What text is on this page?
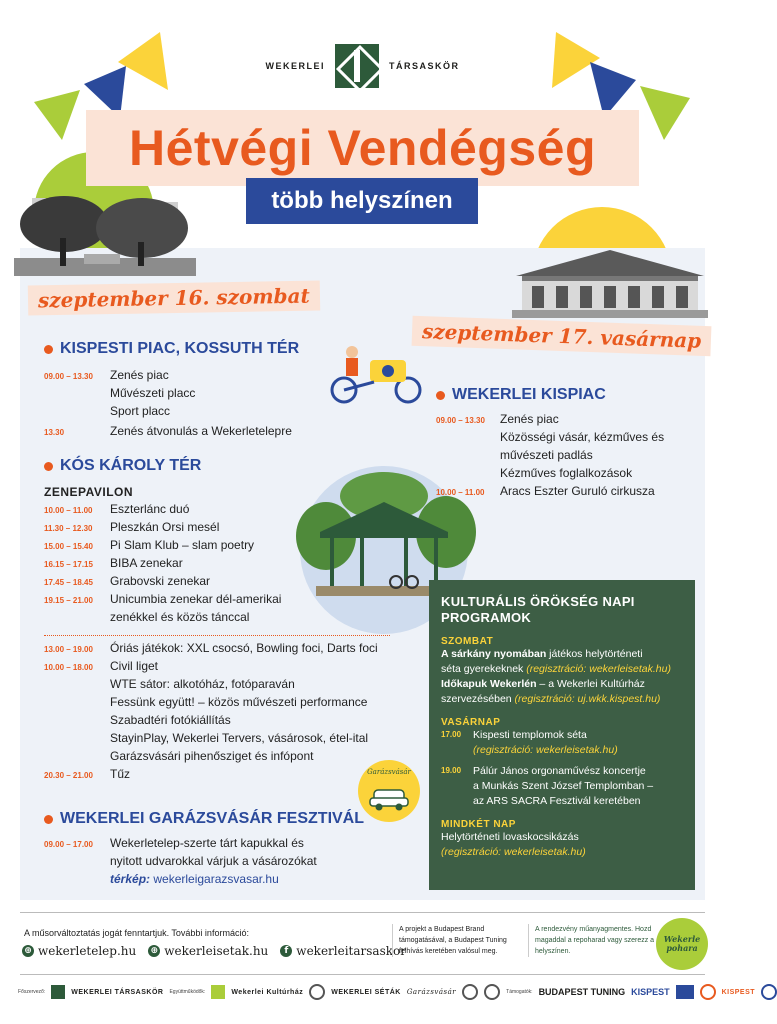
WEKERLEI	TÁRSASKÖR
Hétvégi Vendégség
több helyszínen
szeptember 16. szombat
szeptember 17. vasárnap
KISPESTI PIAC, KOSSUTH TÉR
09.00 – 13.30	Zenés piac
Művészeti placc
Sport placc
13.30	Zenés átvonulás a Wekerletelepre
KÓS KÁROLY TÉR
ZENEPAVILON
10.00 – 11.00	Eszterlánc duó
11.30 – 12.30	Pleszkán Orsi mesél
15.00 – 15.40	Pi Slam Klub – slam poetry
16.15 – 17.15	BIBA zenekar
17.45 – 18.45	Grabovski zenekar
19.15 – 21.00	Unicumbia zenekar dél-amerikai
zenékkel és közös tánccal
13.00 – 19.00	Óriás játékok: XXL csocsó, Bowling foci, Darts foci
10.00 – 18.00	Civil liget
WTE sátor: alkotóház, fotóparaván
Fessünk együtt! – közös művészeti performance
Szabadtéri fotókiállítás
StayinPlay, Wekerlei Tervers, vásárosok, étel-ital
Garázsvásári pihenősziget és infópont
20.30 – 21.00	Tűz	Garázsvásár
WEKERLEI GARÁZSVÁSÁR FESZTIVÁL
09.00 – 17.00	Wekerletelep-szerte tárt kapukkal és
nyitott udvarokkal várjuk a vásározókat
térkép: wekerleigarazsvasar.hu
WEKERLEI KISPIAC
09.00 – 13.30	Zenés piac
Közösségi vásár, kézműves és
művészeti padlás
Kézműves foglalkozások
10.00 – 11.00	Aracs Eszter Guruló cirkusza
KULTURÁLIS ÖRÖKSÉG NAPI
PROGRAMOK
SZOMBAT
A sárkány nyomában játékos helytörténeti
séta gyerekeknek (regisztráció: wekerleisetak.hu)
Időkapuk Wekerlén – a Wekerlei Kultúrház
szervezésében (regisztráció: uj.wkk.kispest.hu)
VASÁRNAP
17.00	Kispesti templomok séta
(regisztráció: wekerleisetak.hu)
19.00	Pálúr János orgonaművész koncertje
a Munkás Szent József Templomban –
az ARS SACRA Fesztivál keretében
MINDKÉT NAP
Helytörténeti lovaskocsikázás
(regisztráció: wekerleisetak.hu)
A műsorváltoztatás jogát fenntartjuk. További információ:
⊕ wekerletelep.hu ⊕ wekerleisetak.hu	f wekerleitarsaskor
A projekt a Budapest Brand támogatásával, a Budapest Tuning felhívás keretében valósul meg.
A rendezvény műanyagmentes. Hozd magaddal a repoharad vagy szerezz a helyszínen.
Wekerle
pohara
Főszervező:	WEKERLEI TÁRSASKÖR Együttműködők:	Wekerlei Kultúrház	WEKERLEI SÉTÁK Garázsvásár	Támogatók: BUDAPEST TUNING KISPEST	KISPEST
